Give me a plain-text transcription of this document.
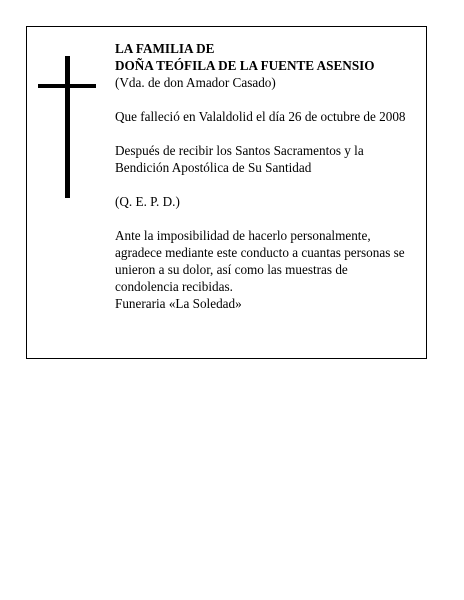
LA FAMILIA DE
DOÑA TEÓFILA DE LA FUENTE ASENSIO
(Vda. de don Amador Casado)
Que falleció en Valaldolid el día 26 de octubre de 2008
Después de recibir los Santos Sacramentos y la
Bendición Apostólica de Su Santidad
(Q. E. P. D.)
Ante la imposibilidad de hacerlo personalmente,
agradece mediante este conducto a cuantas personas se
unieron a su dolor, así como las muestras de
condolencia recibidas.
Funeraria «La Soledad»
